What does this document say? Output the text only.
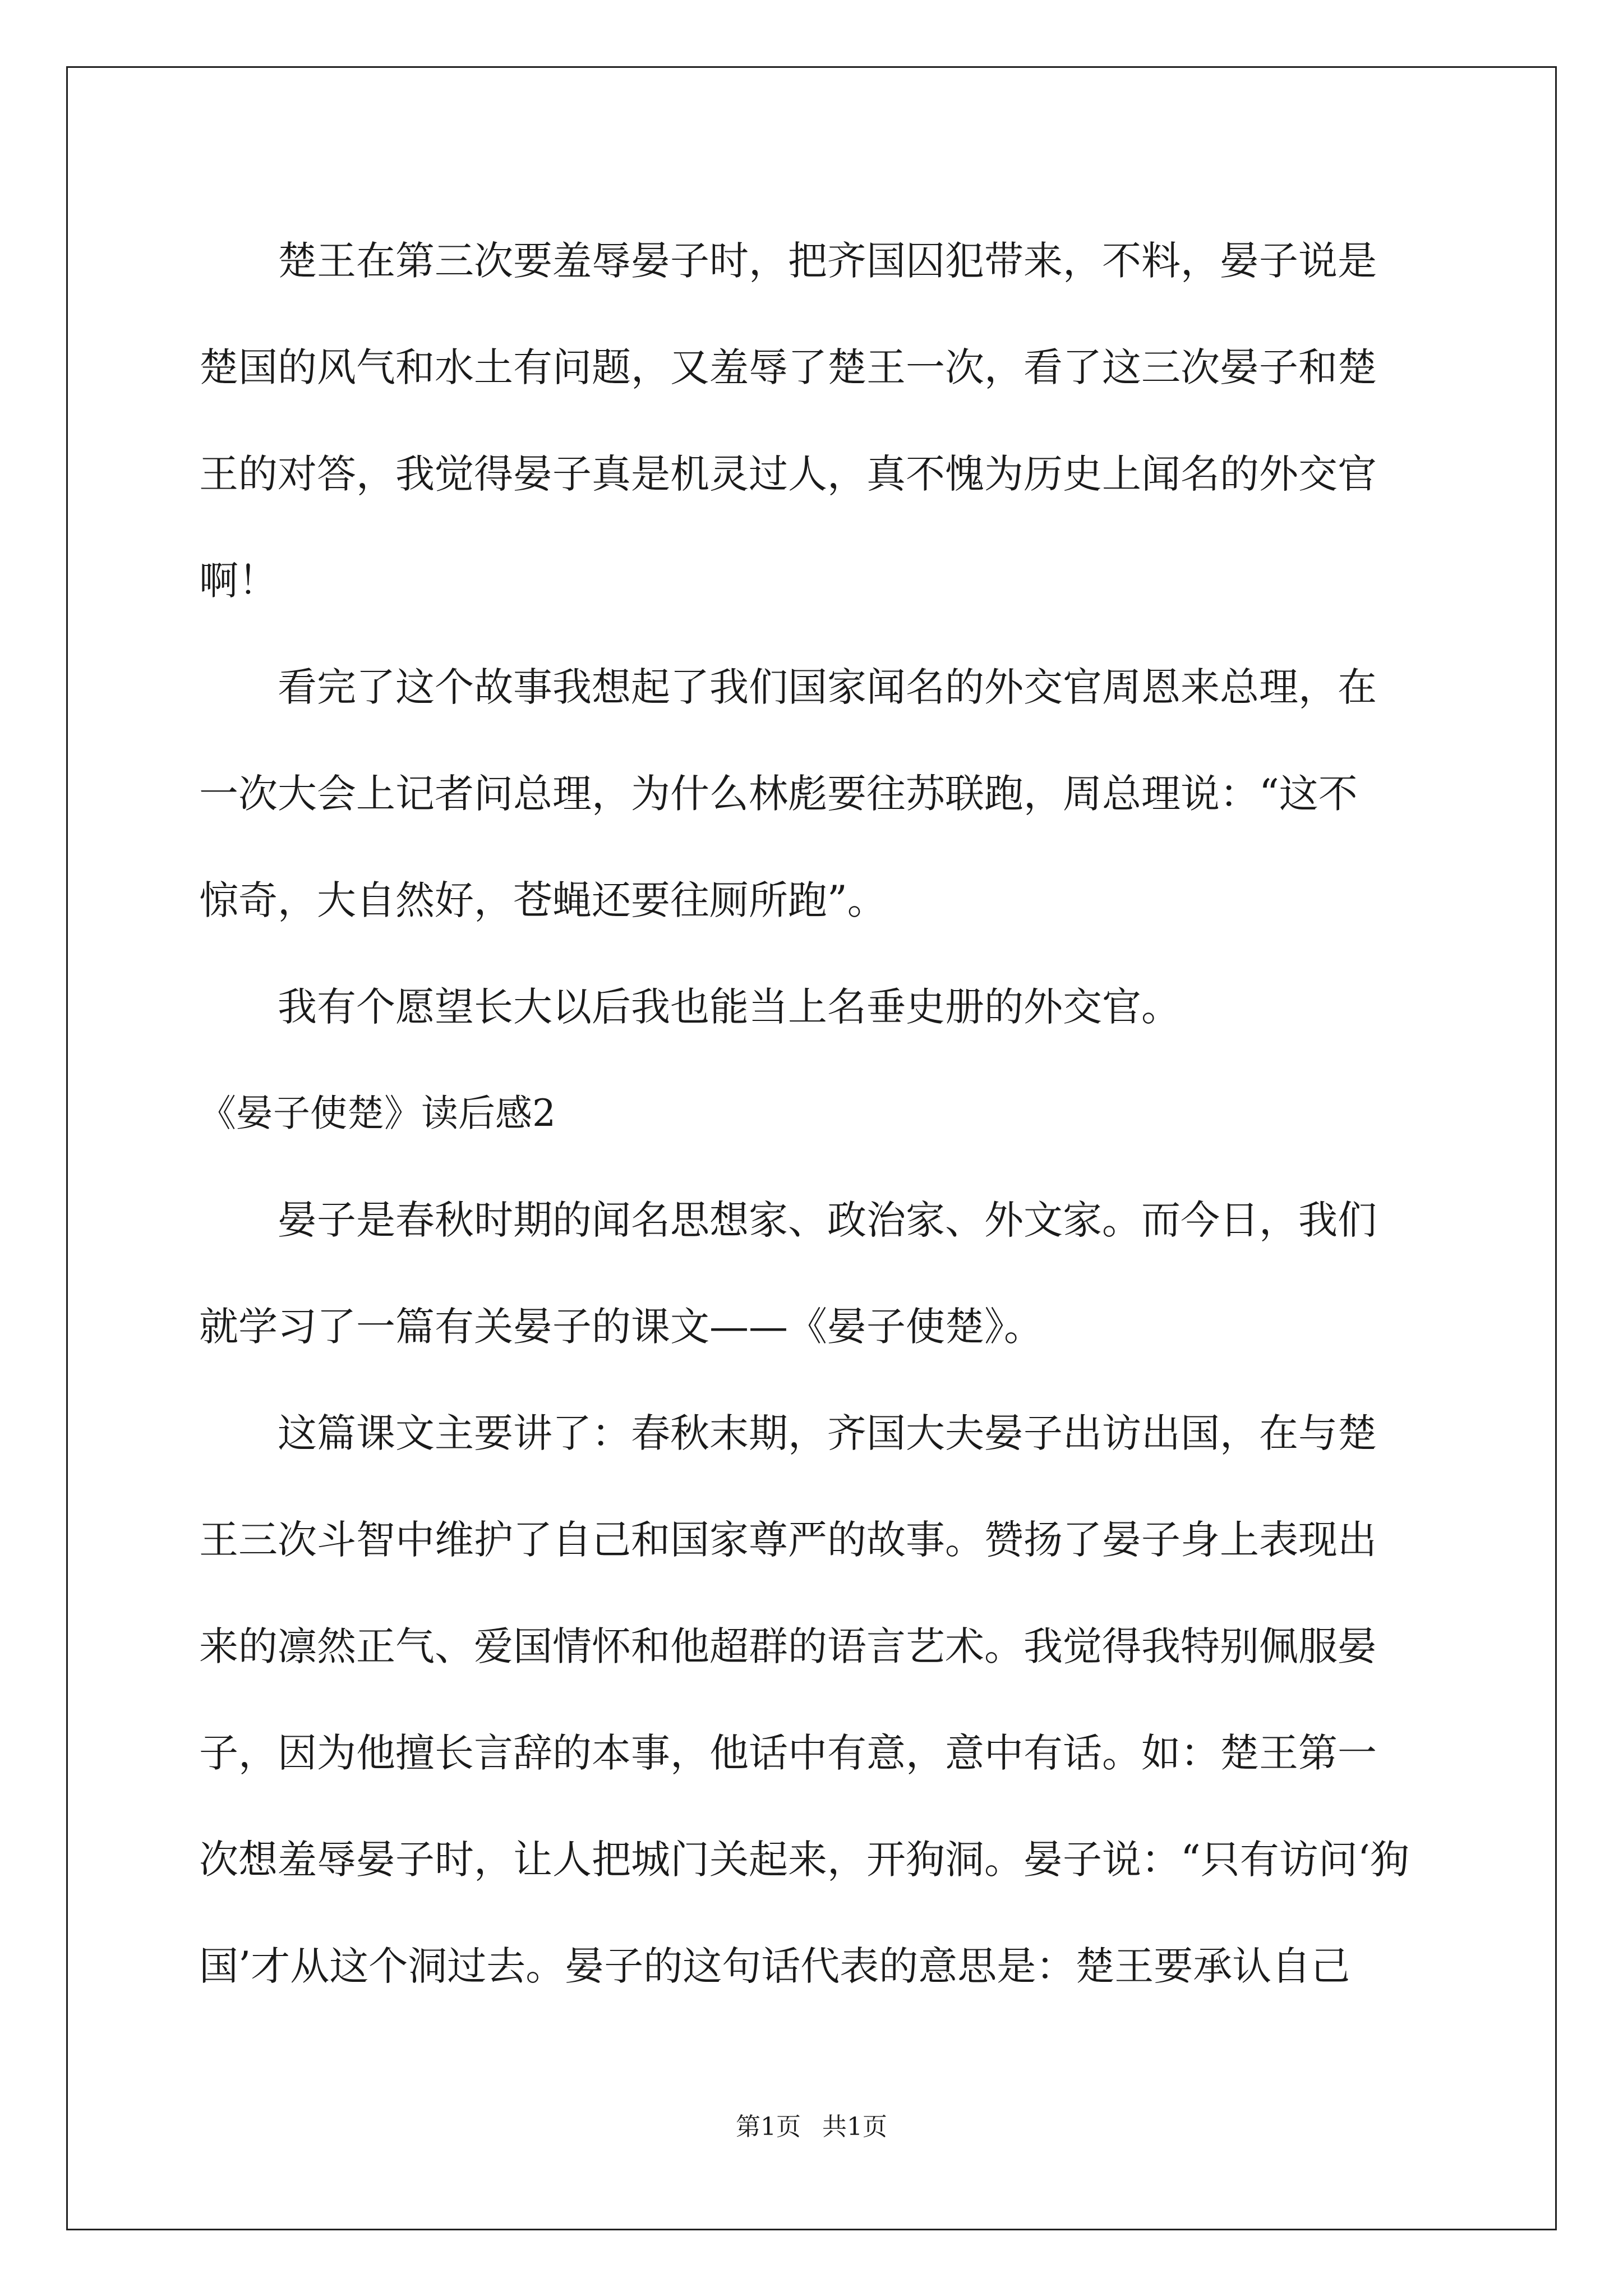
楚王在第三次要羞辱晏子时，把齐国囚犯带来，不料，晏子说是
楚国的风气和水土有问题，又羞辱了楚王一次，看了这三次晏子和楚
王的对答，我觉得晏子真是机灵过人，真不愧为历史上闻名的外交官
啊！
看完了这个故事我想起了我们国家闻名的外交官周恩来总理，在
一次大会上记者问总理，为什么林彪要往苏联跑，周总理说：“这不
惊奇，大自然好，苍蝇还要往厕所跑”。
我有个愿望长大以后我也能当上名垂史册的外交官。
《晏子使楚》读后感2
晏子是春秋时期的闻名思想家、政治家、外文家。而今日，我们
就学习了一篇有关晏子的课文——《晏子使楚》。
这篇课文主要讲了：春秋末期，齐国大夫晏子出访出国，在与楚
王三次斗智中维护了自己和国家尊严的故事。赞扬了晏子身上表现出
来的凛然正气、爱国情怀和他超群的语言艺术。我觉得我特别佩服晏
子，因为他擅长言辞的本事，他话中有意，意中有话。如：楚王第一
次想羞辱晏子时，让人把城门关起来，开狗洞。晏子说：“只有访问‘狗
国’才从这个洞过去。晏子的这句话代表的意思是：楚王要承认自己
第1页 共1页
